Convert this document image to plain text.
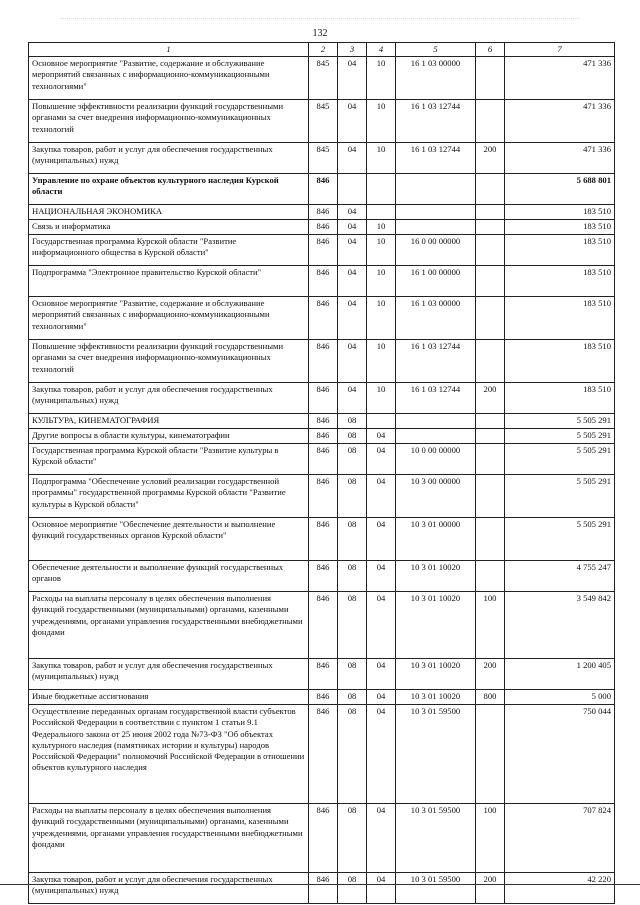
132
1	2	3	4	5	6	7
Основное мероприятие "Развитие, содержание и обслуживание мероприятий связанных с информационно-коммуникационными технологиями"	845	04	10	16 1 03 00000		471 336
Повышение эффективности реализации функций государственными органами за счет внедрения информационно-коммуникационных технологий	845	04	10	16 1 03 12744		471 336
Закупка товаров, работ и услуг для обеспечения государственных (муниципальных) нужд	845	04	10	16 1 03 12744	200	471 336
Управление по охране объектов культурного наследия Курской области	846					5 688 801
НАЦИОНАЛЬНАЯ ЭКОНОМИКА	846	04				183 510
Связь и информатика	846	04	10			183 510
Государственная программа Курской области "Развитие информационного общества в Курской области"	846	04	10	16 0 00 00000		183 510
Подпрограмма "Электронное правительство Курской области"	846	04	10	16 1 00 00000		183 510
Основное мероприятие "Развитие, содержание и обслуживание мероприятий связанных с информационно-коммуникационными технологиями"	846	04	10	16 1 03 00000		183 510
Повышение эффективности реализации функций государственными органами за счет внедрения информационно-коммуникационных технологий	846	04	10	16 1 03 12744		183 510
Закупка товаров, работ и услуг для обеспечения государственных (муниципальных) нужд	846	04	10	16 1 03 12744	200	183 510
КУЛЬТУРА, КИНЕМАТОГРАФИЯ	846	08				5 505 291
Другие вопросы в области культуры, кинематографии	846	08	04			5 505 291
Государственная программа Курской области "Развитие культуры в Курской области"	846	08	04	10 0 00 00000		5 505 291
Подпрограмма "Обеспечение условий реализации государственной программы" государственной программы Курской области "Развитие культуры в Курской области"	846	08	04	10 3 00 00000		5 505 291
Основное мероприятие "Обеспечение деятельности и выполнение функций государственных органов Курской области"	846	08	04	10 3 01 00000		5 505 291
Обеспечение деятельности и выполнение функций государственных органов	846	08	04	10 3 01 10020		4 755 247
Расходы на выплаты персоналу в целях обеспечения выполнения функций государственными (муниципальными) органами, казенными учреждениями, органами управления государственными внебюджетными фондами	846	08	04	10 3 01 10020	100	3 549 842
Закупка товаров, работ и услуг для обеспечения государственных (муниципальных) нужд	846	08	04	10 3 01 10020	200	1 200 405
Иные бюджетные ассигнования	846	08	04	10 3 01 10020	800	5 000
Осуществление переданных органам государственной власти субъектов Российской Федерации в соответствии с пунктом 1 статьи 9.1 Федерального закона от 25 июня 2002 года №73-ФЗ "Об объектах культурного наследия (памятниках истории и культуры) народов Российской Федерации" полномочий Российской Федерации в отношении объектов культурного наследия	846	08	04	10 3 01 59500		750 044
Расходы на выплаты персоналу в целях обеспечения выполнения функций государственными (муниципальными) органами, казенными учреждениями, органами управления государственными внебюджетными фондами	846	08	04	10 3 01 59500	100	707 824
Закупка товаров, работ и услуг для обеспечения государственных (муниципальных) нужд	846	08	04	10 3 01 59500	200	42 220
